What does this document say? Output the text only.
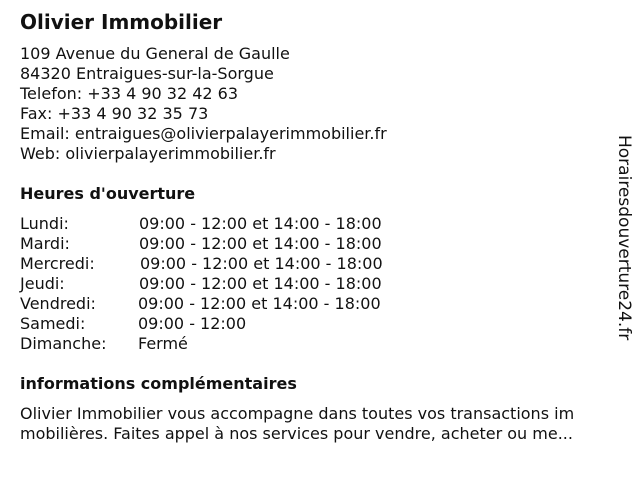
Olivier Immobilier
109 Avenue du General de Gaulle
84320 Entraigues-sur-la-Sorgue
Telefon: +33 4 90 32 42 63
Fax: +33 4 90 32 35 73
Email: entraigues@olivierpalayerimmobilier.fr
Web: olivierpalayerimmobilier.fr
Heures d'ouverture
Lundi:	09:00 - 12:00 et 14:00 - 18:00
Mardi:	09:00 - 12:00 et 14:00 - 18:00
Mercredi:	09:00 - 12:00 et 14:00 - 18:00
Jeudi:	09:00 - 12:00 et 14:00 - 18:00
Vendredi:	09:00 - 12:00 et 14:00 - 18:00
Samedi:	09:00 - 12:00
Dimanche: Fermé
informations complémentaires
Olivier Immobilier vous accompagne dans toutes vos transactions im
mobilières. Faites appel à nos services pour vendre, acheter ou me...
Horairesdouverture24.fr
